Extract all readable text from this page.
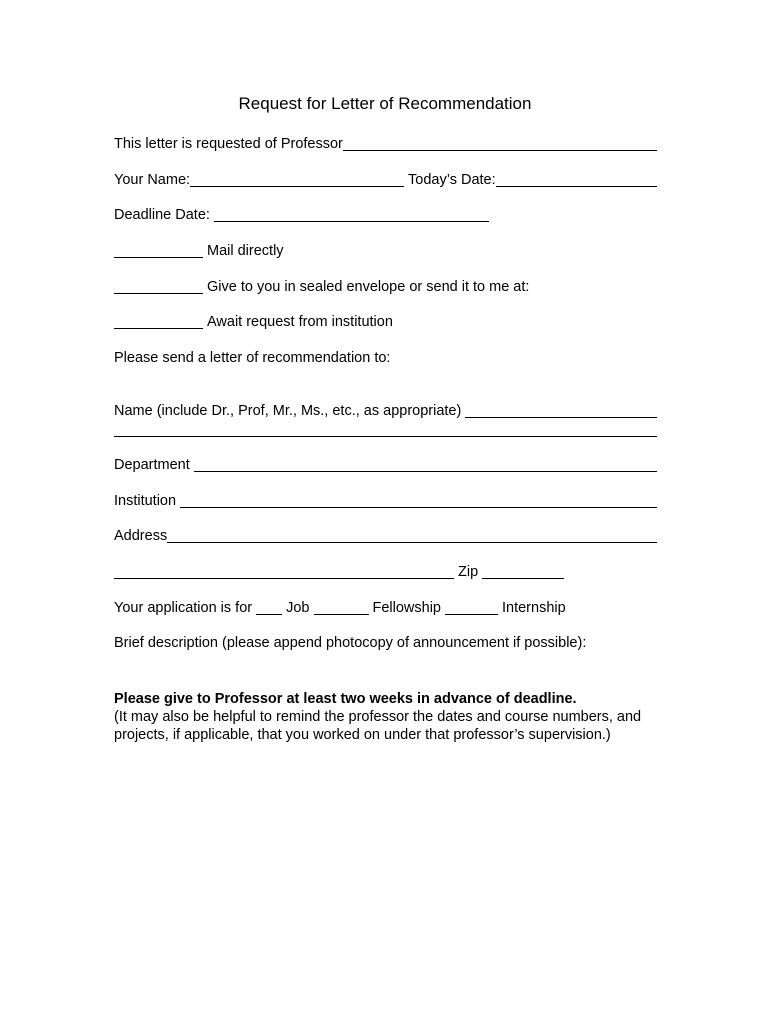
Request for Letter of Recommendation
This letter is requested of Professor
Your Name:	Today’s Date:
Deadline Date:
Mail directly
Give to you in sealed envelope or send it to me at:
Await request from institution
Please send a letter of recommendation to:
Name (include Dr., Prof, Mr., Ms., etc., as appropriate)
Department
Institution
Address
Zip
Your application is for Job	Fellowship	Internship
Brief description (please append photocopy of announcement if possible):
Please give to Professor at least two weeks in advance of deadline.
(It may also be helpful to remind the professor the dates and course numbers, and projects, if applicable, that you worked on under that professor’s supervision.)
